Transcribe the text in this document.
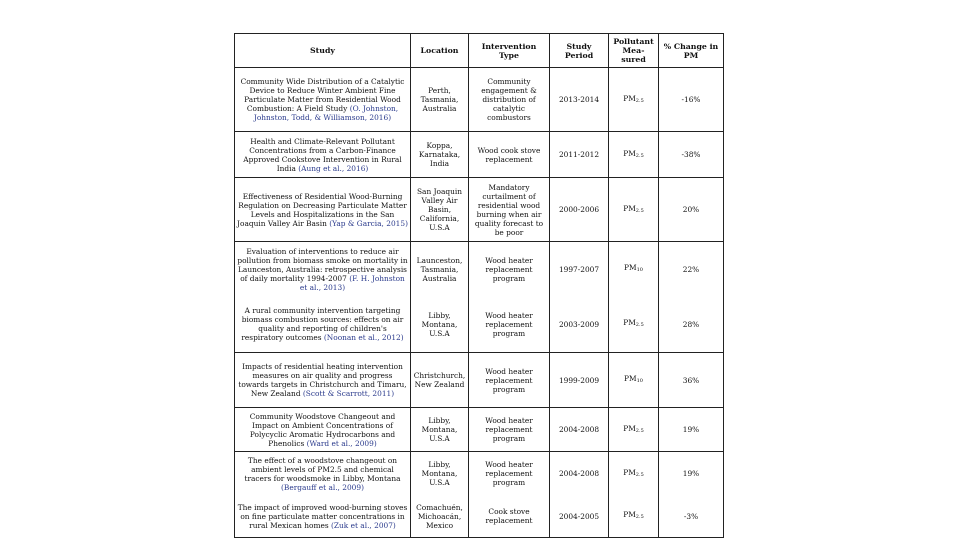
Study	Location	Intervention Type	Study Period	Pollutant Mea- sured	% Change in PM
Community Wide Distribution of a Catalytic Device to Reduce Winter Ambient Fine Particulate Matter from Residential Wood Combustion: A Field Study (O. Johnston, Johnston, Todd, & Williamson, 2016)	Perth, Tasmania, Australia	Community engagement & distribution of catalytic combustors	2013-2014	$PM_{2.5}$	-16%
Health and Climate-Relevant Pollutant Concentrations from a Carbon-Finance Approved Cookstove Intervention in Rural India (Aung et al., 2016)	Koppa, Karnataka, India	Wood cook stove replacement	2011-2012	$PM_{2.5}$	-38%
Effectiveness of Residential Wood-Burning Regulation on Decreasing Particulate Matter Levels and Hospitalizations in the San Joaquin Valley Air Basin (Yap & Garcia, 2015)	San Joaquin Valley Air Basin, California, U.S.A	Mandatory curtailment of residential wood burning when air quality forecast to be poor	2000-2006	$PM_{2.5}$	20%
Evaluation of interventions to reduce air pollution from biomass smoke on mortality in Launceston, Australia: retrospective analysis of daily mortality 1994-2007 (F. H. Johnston et al., 2013)	Launceston, Tasmania, Australia	Wood heater replacement program	1997-2007	$PM_{10}$	22%
A rural community intervention targeting biomass combustion sources: effects on air quality and reporting of children's respiratory outcomes (Noonan et al., 2012)	Libby, Montana, U.S.A	Wood heater replacement program	2003-2009	$PM_{2.5}$	28%
Impacts of residential heating intervention measures on air quality and progress towards targets in Christchurch and Timaru, New Zealand (Scott & Scarrott, 2011)	Christchurch, New Zealand	Wood heater replacement program	1999-2009	$PM_{10}$	36%
Community Woodstove Changeout and Impact on Ambient Concentrations of Polycyclic Aromatic Hydrocarbons and Phenolics (Ward et al., 2009)	Libby, Montana, U.S.A	Wood heater replacement program	2004-2008	$PM_{2.5}$	19%
The effect of a woodstove changeout on ambient levels of PM2.5 and chemical tracers for woodsmoke in Libby, Montana (Bergauff et al., 2009)	Libby, Montana, U.S.A	Wood heater replacement program	2004-2008	$PM_{2.5}$	19%
The impact of improved wood-burning stoves on fine particulate matter concentrations in rural Mexican homes (Zuk et al., 2007)	Comachuén, Michoacán, Mexico	Cook stove replacement	2004-2005	$PM_{2.5}$	-3%
